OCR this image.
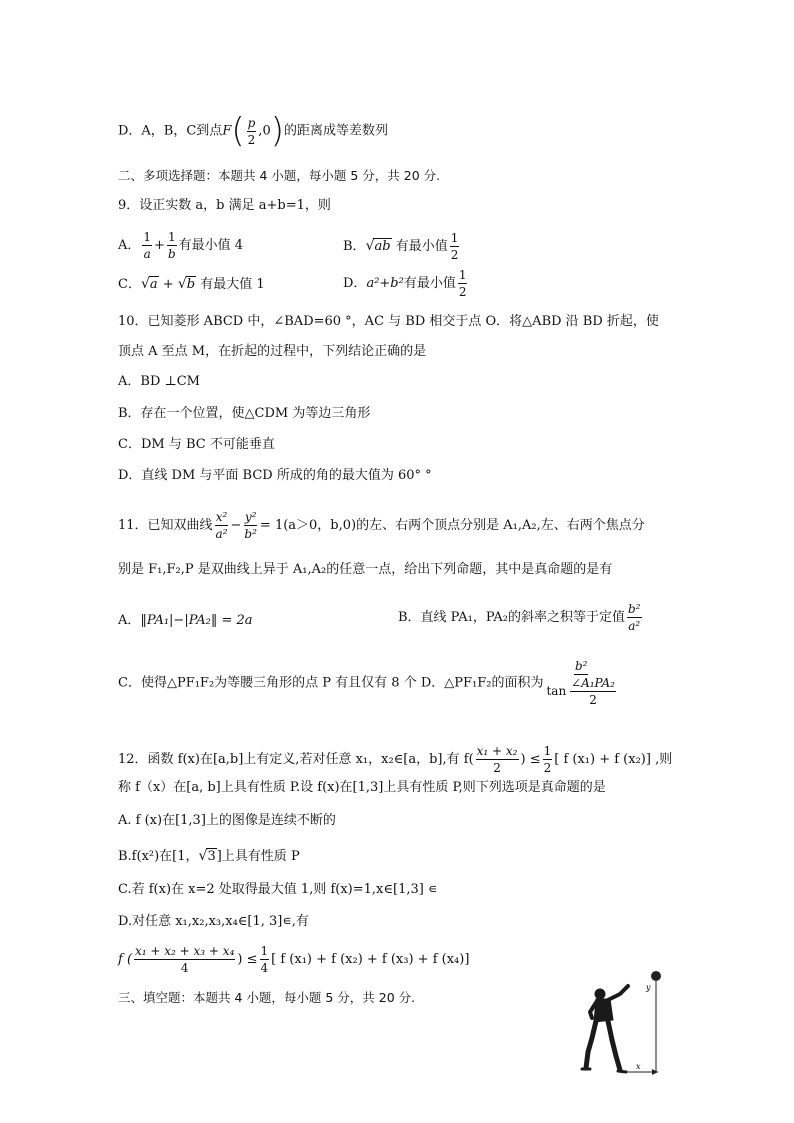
D．A，B，C到点$F( \frac{p}{2} ,0)$的距离成等差数列
二、多项选择题：本题共 4 小题，每小题 5 分，共 20 分.
9．设正实数 a，b 满足 a+b=1，则
A． $\frac{1}{a} + \frac{1}{b}$ 有最小值 4	B．√ab 有最小值 $\frac{1}{2}$
C．√a + √b 有最大值 1	D．a²+b²有最小值 $\frac{1}{2}$
10．已知菱形 ABCD 中，∠BAD=60 °，AC 与 BD 相交于点 O．将△ABD 沿 BD 折起，使
顶点 A 至点 M，在折起的过程中，下列结论正确的是
A．BD ⊥CM
B．存在一个位置，使△CDM 为等边三角形
C．DM 与 BC 不可能垂直
D．直线 DM 与平面 BCD 所成的角的最大值为 60° °
11．已知双曲线 $\frac{\text{x²}}{\text{a²}} - \frac{\text{y²}}{\text{b²}} = 1(a>0$，b,0)的左、右两个顶点分别是 A₁,A₂,左、右两个焦点分
别是 F₁,F₂,P 是双曲线上异于 A₁,A₂的任意一点，给出下列命题，其中是真命题的是有
A．‖PA₁|−|PA₂‖ = 2a	B．直线 PA₁，PA₂的斜率之积等于定值 $\frac{\text{b²}}{\text{a²}}$
C．使得△PF₁F₂为等腰三角形的点 P 有且仅有 8 个 D．△PF₁F₂的面积为 $\frac{\text{b²}}{\tan \frac{\text{∠A₁PA₂}}{2}}$
12．函数 f(x)在[a,b]上有定义,若对任意 x₁，x₂∈[a，b],有 $f( \frac{\text{x₁ + x₂}}{2}$ ) ≤ $\frac{1}{2}$ [ f (x₁) + f (x₂)] ,则
称 f（x）在[a, b]上具有性质 P.设 f(x)在[1,3]上具有性质 P,则下列选项是真命题的是
A. f (x)在[1,3]上的图像是连续不断的
B.f(x²)在[1，√3]上具有性质 P
C.若 f(x)在 x=2 处取得最大值 1,则 f(x)=1,x∈[1,3] ∊
D.对任意 x₁,x₂,x₃,x₄∈[1, 3]∊,有
f ( $\frac{\text{x₁ + x₂ + x₃ + x₄}}{4}$ ) ≤ $\frac{1}{4}$ [ f (x₁) + f (x₂) + f (x₃) + f (x₄)]
三、填空题：本题共 4 小题，每小题 5 分，共 20 分.
y
x
